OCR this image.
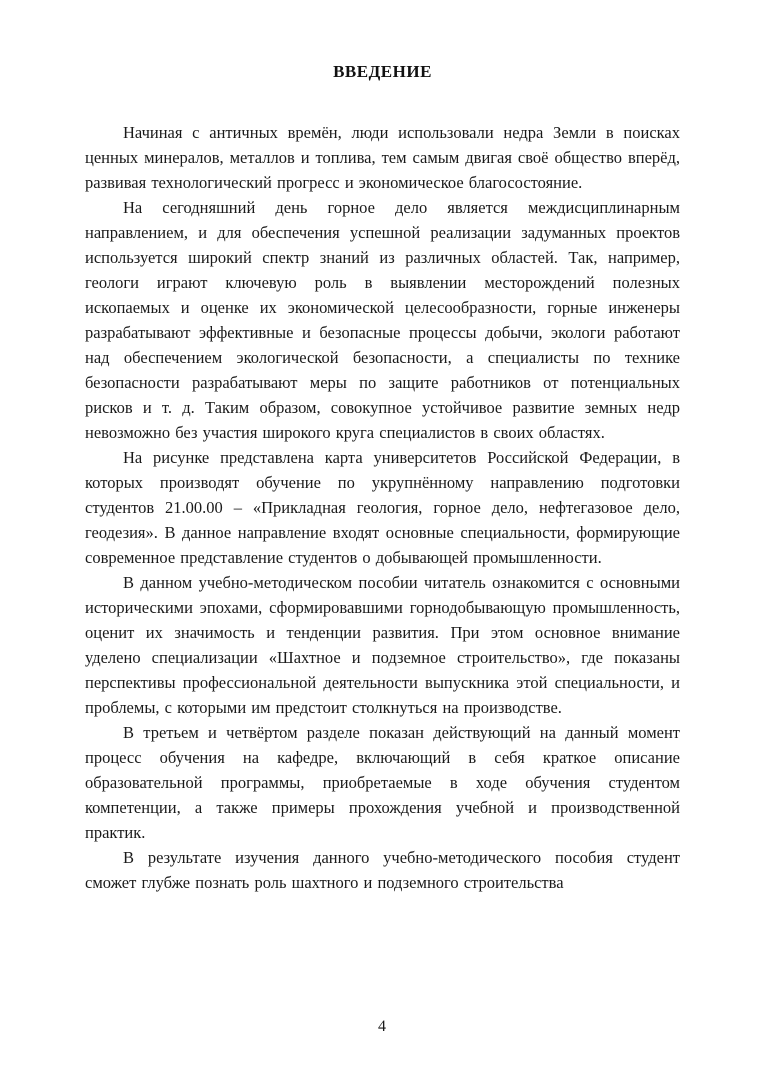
ВВЕДЕНИЕ

Начиная с античных времён, люди использовали недра Земли в поисках ценных минералов, металлов и топлива, тем самым двигая своё общество вперёд, развивая технологический прогресс и экономическое благосостояние.

На сегодняшний день горное дело является междисциплинарным направлением, и для обеспечения успешной реализации задуманных проектов используется широкий спектр знаний из различных областей. Так, например, геологи играют ключевую роль в выявлении месторождений полезных ископаемых и оценке их экономической целесообразности, горные инженеры разрабатывают эффективные и безопасные процессы добычи, экологи работают над обеспечением экологической безопасности, а специалисты по технике безопасности разрабатывают меры по защите работников от потенциальных рисков и т. д. Таким образом, совокупное устойчивое развитие земных недр невозможно без участия широкого круга специалистов в своих областях.

На рисунке представлена карта университетов Российской Федерации, в которых производят обучение по укрупнённому направлению подготовки студентов 21.00.00 – «Прикладная геология, горное дело, нефтегазовое дело, геодезия». В данное направление входят основные специальности, формирующие современное представление студентов о добывающей промышленности.

В данном учебно-методическом пособии читатель ознакомится с основными историческими эпохами, сформировавшими горнодобывающую промышленность, оценит их значимость и тенденции развития. При этом основное внимание уделено специализации «Шахтное и подземное строительство», где показаны перспективы профессиональной деятельности выпускника этой специальности, и проблемы, с которыми им предстоит столкнуться на производстве.

В третьем и четвёртом разделе показан действующий на данный момент процесс обучения на кафедре, включающий в себя краткое описание образовательной программы, приобретаемые в ходе обучения студентом компетенции, а также примеры прохождения учебной и производственной практик.

В результате изучения данного учебно-методического пособия студент сможет глубже познать роль шахтного и подземного строительства

4
